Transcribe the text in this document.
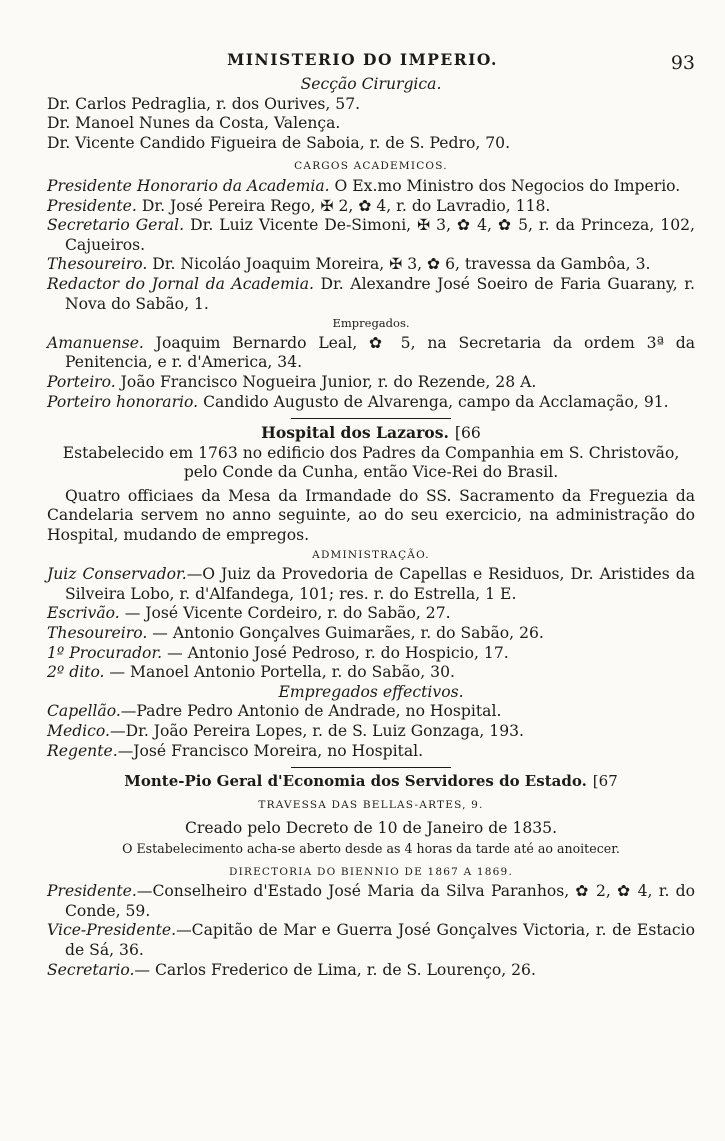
MINISTERIO DO IMPERIO.	93
Secção Cirurgica.
Dr. Carlos Pedraglia, r. dos Ourives, 57.
Dr. Manoel Nunes da Costa, Valença.
Dr. Vicente Candido Figueira de Saboia, r. de S. Pedro, 70.
CARGOS ACADEMICOS.
Presidente Honorario da Academia. O Ex.mo Ministro dos Negocios do Imperio.
Presidente. Dr. José Pereira Rego, ✠ 2, ✿ 4, r. do Lavradio, 118.
Secretario Geral. Dr. Luiz Vicente De-Simoni, ✠ 3, ✿ 4, ✿ 5, r. da Princeza, 102, Cajueiros.
Thesoureiro. Dr. Nicoláo Joaquim Moreira, ✠ 3, ✿ 6, travessa da Gambôa, 3.
Redactor do Jornal da Academia. Dr. Alexandre José Soeiro de Faria Guarany, r. Nova do Sabão, 1.
Empregados.
Amanuense. Joaquim Bernardo Leal, ✿ 5, na Secretaria da ordem 3ª da Penitencia, e r. d'America, 34.
Porteiro. João Francisco Nogueira Junior, r. do Rezende, 28 A.
Porteiro honorario. Candido Augusto de Alvarenga, campo da Acclamação, 91.
Hospital dos Lazaros. [66
Estabelecido em 1763 no edificio dos Padres da Companhia em S. Christovão, pelo Conde da Cunha, então Vice-Rei do Brasil.
Quatro officiaes da Mesa da Irmandade do SS. Sacramento da Freguezia da Candelaria servem no anno seguinte, ao do seu exercicio, na administração do Hospital, mudando de empregos.
ADMINISTRAÇÃO.
Juiz Conservador.—O Juiz da Provedoria de Capellas e Residuos, Dr. Aristides da Silveira Lobo, r. d'Alfandega, 101; res. r. do Estrella, 1 E.
Escrivão. — José Vicente Cordeiro, r. do Sabão, 27.
Thesoureiro. — Antonio Gonçalves Guimarães, r. do Sabão, 26.
1º Procurador. — Antonio José Pedroso, r. do Hospicio, 17.
2º dito. — Manoel Antonio Portella, r. do Sabão, 30.
Empregados effectivos.
Capellão.—Padre Pedro Antonio de Andrade, no Hospital.
Medico.—Dr. João Pereira Lopes, r. de S. Luiz Gonzaga, 193.
Regente.—José Francisco Moreira, no Hospital.
Monte-Pio Geral d'Economia dos Servidores do Estado. [67
TRAVESSA DAS BELLAS-ARTES, 9.
Creado pelo Decreto de 10 de Janeiro de 1835.
O Estabelecimento acha-se aberto desde as 4 horas da tarde até ao anoitecer.
DIRECTORIA DO BIENNIO DE 1867 A 1869.
Presidente.—Conselheiro d'Estado José Maria da Silva Paranhos, ✿ 2, ✿ 4, r. do Conde, 59.
Vice-Presidente.—Capitão de Mar e Guerra José Gonçalves Victoria, r. de Estacio de Sá, 36.
Secretario.— Carlos Frederico de Lima, r. de S. Lourenço, 26.
